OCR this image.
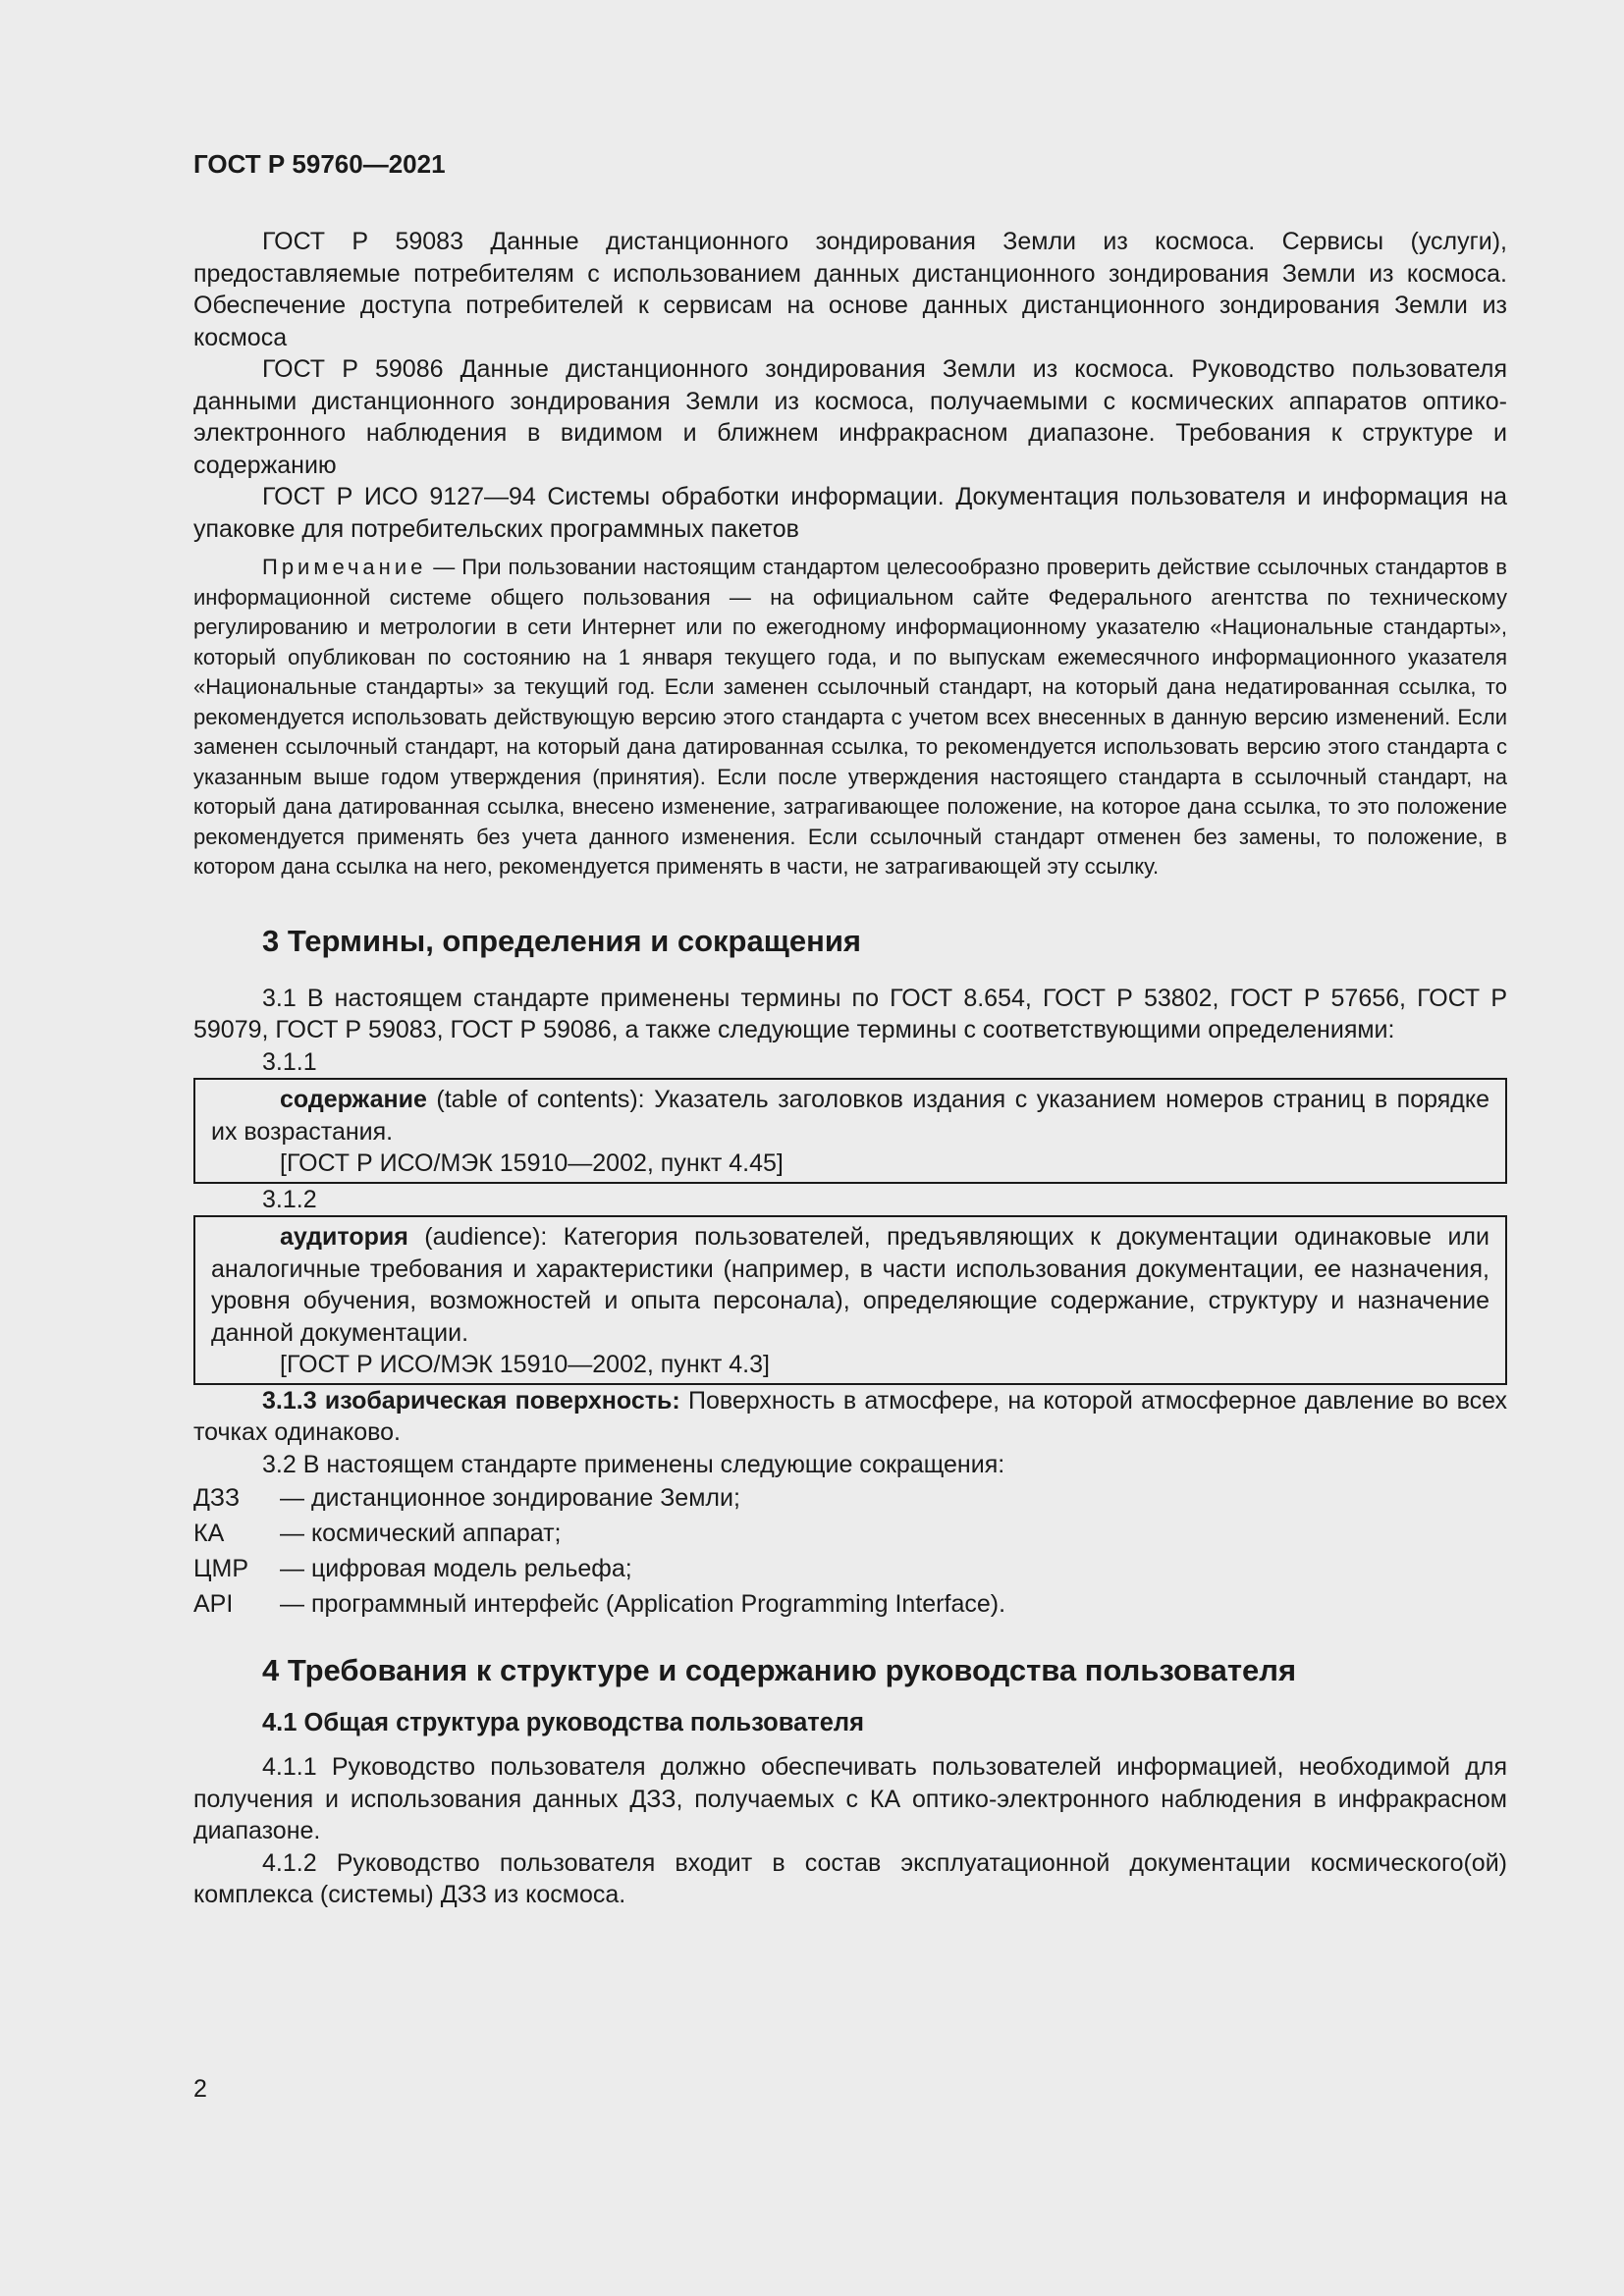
ГОСТ Р 59760—2021

ГОСТ Р 59083 Данные дистанционного зондирования Земли из космоса. Сервисы (услуги), предоставляемые потребителям с использованием данных дистанционного зондирования Земли из космоса. Обеспечение доступа потребителей к сервисам на основе данных дистанционного зондирования Земли из космоса

ГОСТ Р 59086 Данные дистанционного зондирования Земли из космоса. Руководство пользователя данными дистанционного зондирования Земли из космоса, получаемыми с космических аппаратов оптико-электронного наблюдения в видимом и ближнем инфракрасном диапазоне. Требования к структуре и содержанию

ГОСТ Р ИСО 9127—94 Системы обработки информации. Документация пользователя и информация на упаковке для потребительских программных пакетов

Примечание — При пользовании настоящим стандартом целесообразно проверить действие ссылочных стандартов в информационной системе общего пользования — на официальном сайте Федерального агентства по техническому регулированию и метрологии в сети Интернет или по ежегодному информационному указателю «Национальные стандарты», который опубликован по состоянию на 1 января текущего года, и по выпускам ежемесячного информационного указателя «Национальные стандарты» за текущий год. Если заменен ссылочный стандарт, на который дана недатированная ссылка, то рекомендуется использовать действующую версию этого стандарта с учетом всех внесенных в данную версию изменений. Если заменен ссылочный стандарт, на который дана датированная ссылка, то рекомендуется использовать версию этого стандарта с указанным выше годом утверждения (принятия). Если после утверждения настоящего стандарта в ссылочный стандарт, на который дана датированная ссылка, внесено изменение, затрагивающее положение, на которое дана ссылка, то это положение рекомендуется применять без учета данного изменения. Если ссылочный стандарт отменен без замены, то положение, в котором дана ссылка на него, рекомендуется применять в части, не затрагивающей эту ссылку.

3 Термины, определения и сокращения

3.1 В настоящем стандарте применены термины по ГОСТ 8.654, ГОСТ Р 53802, ГОСТ Р 57656, ГОСТ Р 59079, ГОСТ Р 59083, ГОСТ Р 59086, а также следующие термины с соответствующими определениями:

3.1.1

содержание (table of contents): Указатель заголовков издания с указанием номеров страниц в порядке их возрастания.

[ГОСТ Р ИСО/МЭК 15910—2002, пункт 4.45]

3.1.2

аудитория (audience): Категория пользователей, предъявляющих к документации одинаковые или аналогичные требования и характеристики (например, в части использования документации, ее назначения, уровня обучения, возможностей и опыта персонала), определяющие содержание, структуру и назначение данной документации.

[ГОСТ Р ИСО/МЭК 15910—2002, пункт 4.3]

3.1.3 изобарическая поверхность: Поверхность в атмосфере, на которой атмосферное давление во всех точках одинаково.

3.2 В настоящем стандарте применены следующие сокращения:

ДЗЗ	— дистанционное зондирование Земли;
КА	— космический аппарат;
ЦМР	— цифровая модель рельефа;
API	— программный интерфейс (Application Programming Interface).
4 Требования к структуре и содержанию руководства пользователя
4.1 Общая структура руководства пользователя

4.1.1 Руководство пользователя должно обеспечивать пользователей информацией, необходимой для получения и использования данных ДЗЗ, получаемых с КА оптико-электронного наблюдения в инфракрасном диапазоне.

4.1.2 Руководство пользователя входит в состав эксплуатационной документации космического(ой) комплекса (системы) ДЗЗ из космоса.

2
